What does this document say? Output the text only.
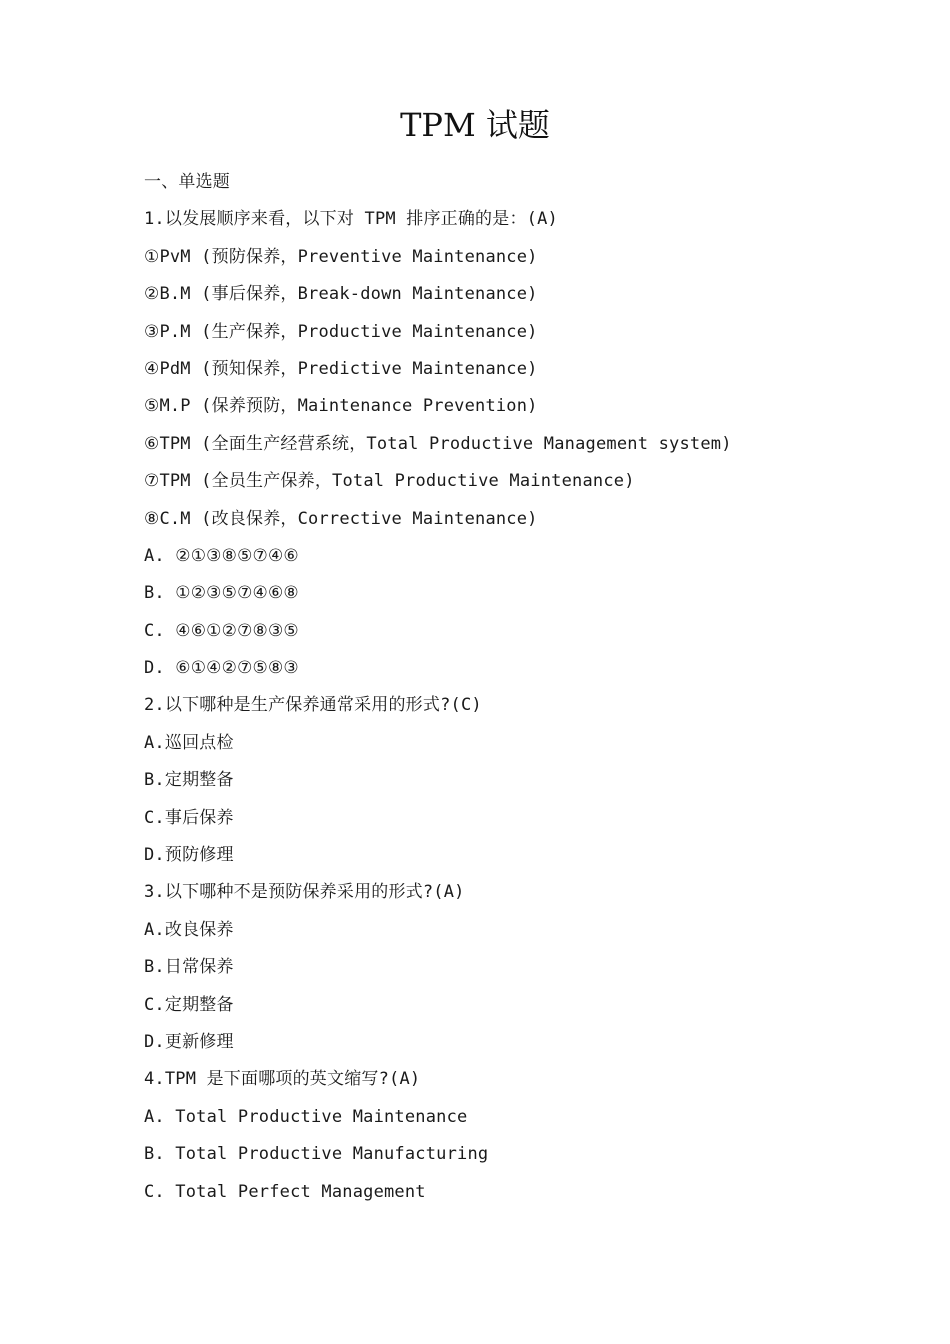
TPM 试题
一、单选题
1.以发展顺序来看，以下对 TPM 排序正确的是：(A)
①PvM (预防保养，Preventive Maintenance)
②B.M (事后保养，Break-down Maintenance)
③P.M (生产保养，Productive Maintenance)
④PdM (预知保养，Predictive Maintenance)
⑤M.P (保养预防，Maintenance Prevention)
⑥TPM (全面生产经营系统，Total Productive Management system)
⑦TPM (全员生产保养，Total Productive Maintenance)
⑧C.M (改良保养，Corrective Maintenance)
A. ②①③⑧⑤⑦④⑥
B. ①②③⑤⑦④⑥⑧
C. ④⑥①②⑦⑧③⑤
D. ⑥①④②⑦⑤⑧③
2.以下哪种是生产保养通常采用的形式?(C)
A.巡回点检
B.定期整备
C.事后保养
D.预防修理
3.以下哪种不是预防保养采用的形式?(A)
A.改良保养
B.日常保养
C.定期整备
D.更新修理
4.TPM 是下面哪项的英文缩写?(A)
A. Total Productive Maintenance
B. Total Productive Manufacturing
C. Total Perfect Management
